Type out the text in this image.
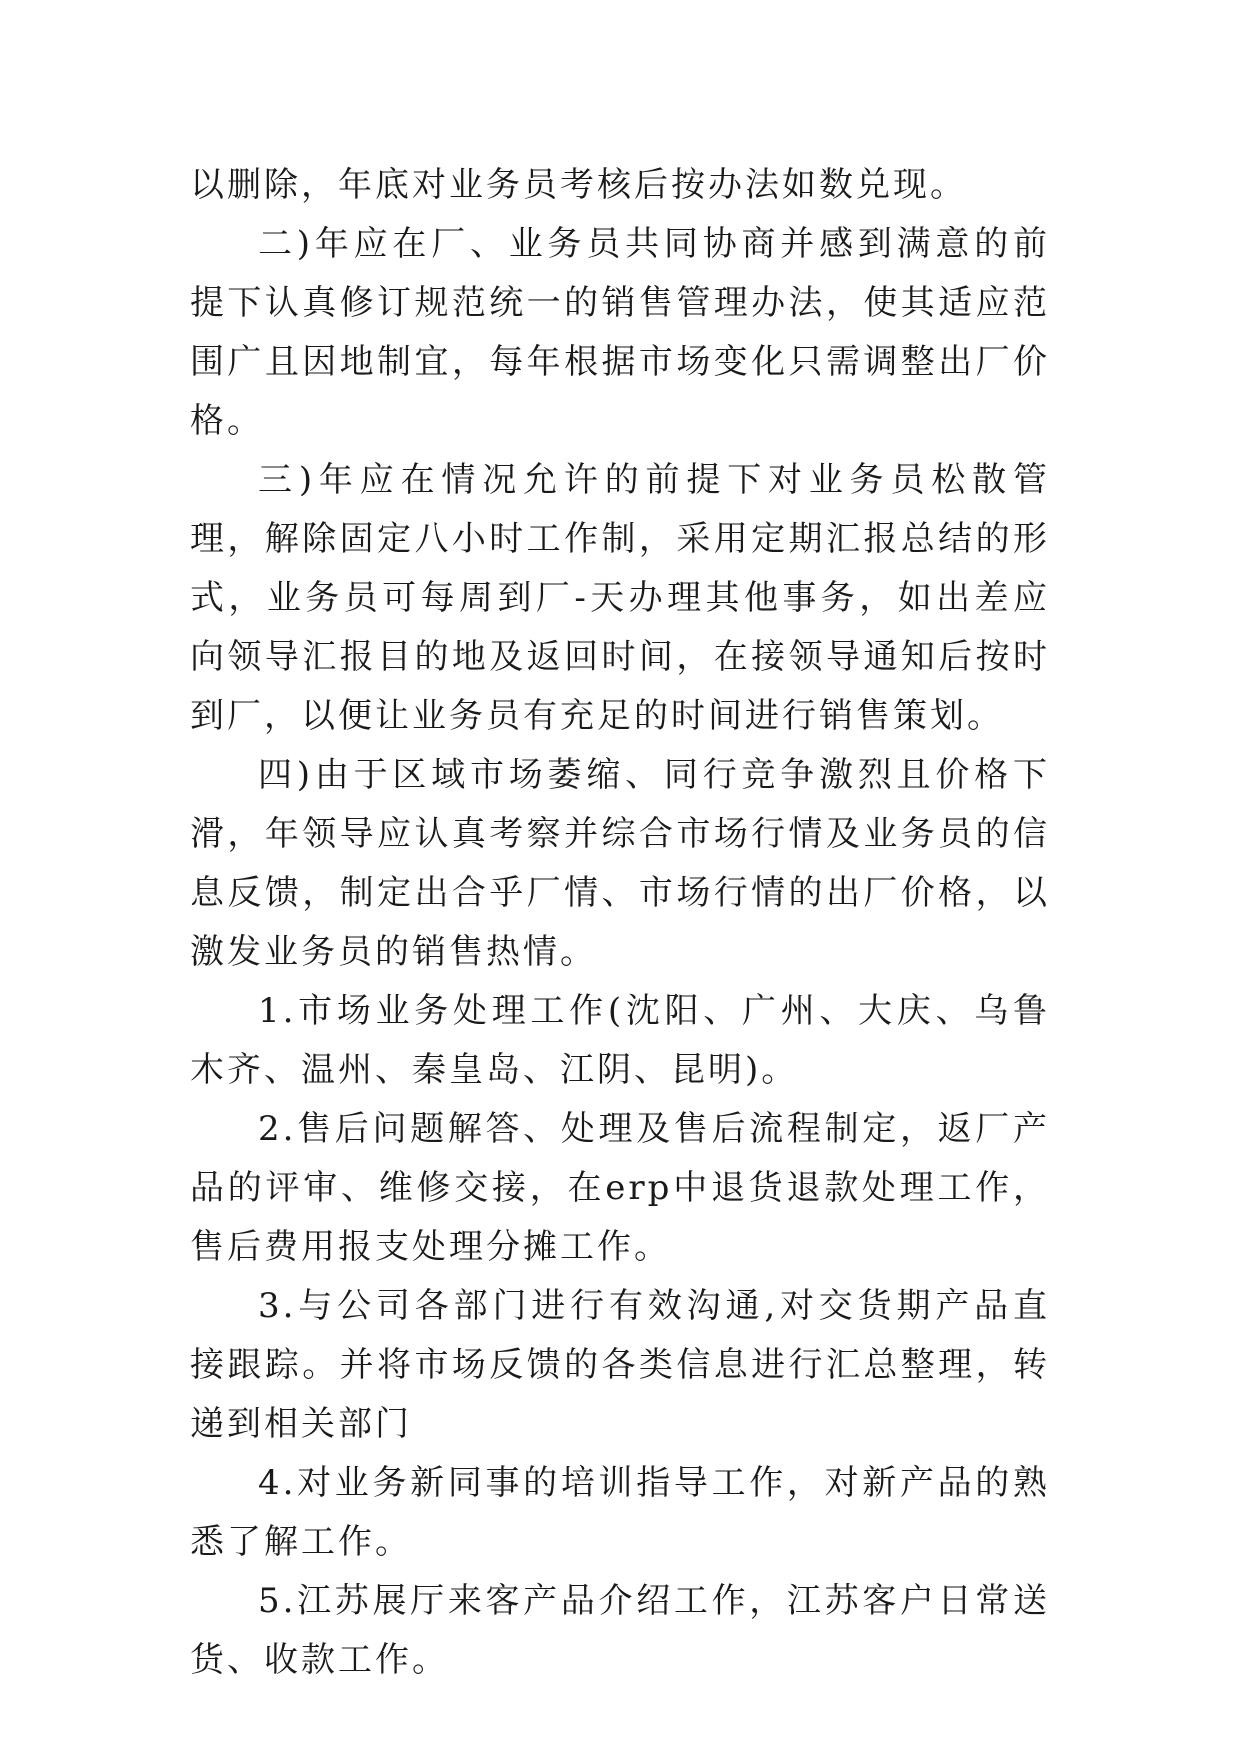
以删除，年底对业务员考核后按办法如数兑现。

二)年应在厂、业务员共同协商并感到满意的前提下认真修订规范统一的销售管理办法，使其适应范围广且因地制宜，每年根据市场变化只需调整出厂价格。

三)年应在情况允许的前提下对业务员松散管理，解除固定八小时工作制，采用定期汇报总结的形式，业务员可每周到厂-天办理其他事务，如出差应向领导汇报目的地及返回时间，在接领导通知后按时到厂，以便让业务员有充足的时间进行销售策划。

四)由于区域市场萎缩、同行竞争激烈且价格下滑，年领导应认真考察并综合市场行情及业务员的信息反馈，制定出合乎厂情、市场行情的出厂价格，以激发业务员的销售热情。

1.市场业务处理工作(沈阳、广州、大庆、乌鲁木齐、温州、秦皇岛、江阴、昆明)。

2.售后问题解答、处理及售后流程制定，返厂产品的评审、维修交接，在erp中退货退款处理工作，售后费用报支处理分摊工作。

3.与公司各部门进行有效沟通,对交货期产品直接跟踪。并将市场反馈的各类信息进行汇总整理，转递到相关部门

4.对业务新同事的培训指导工作，对新产品的熟悉了解工作。

5.江苏展厅来客产品介绍工作，江苏客户日常送货、收款工作。
